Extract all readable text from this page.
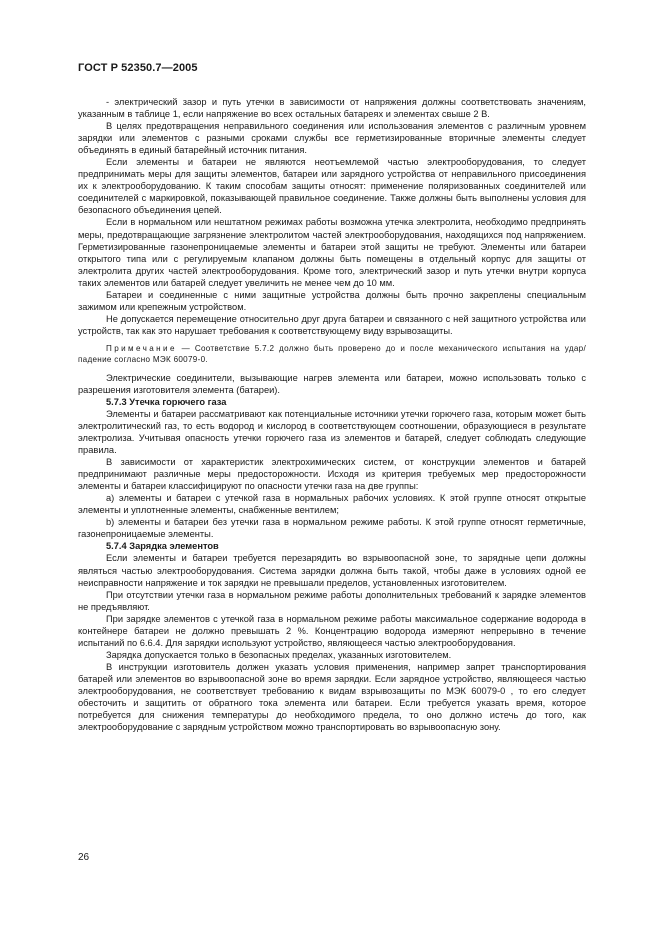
ГОСТ Р 52350.7—2005

- электрический зазор и путь утечки в зависимости от напряжения должны соответствовать значениям, указанным в таблице 1, если напряжение во всех остальных батареях и элементах свыше 2 В.

В целях предотвращения неправильного соединения или использования элементов с различным уровнем зарядки или элементов с разными сроками службы все герметизированные вторичные элементы следует объединять в единый батарейный источник питания.

Если элементы и батареи не являются неотъемлемой частью электрооборудования, то следует предпринимать меры для защиты элементов, батареи или зарядного устройства от неправильного присоединения их к электрооборудованию. К таким способам защиты относят: применение поляризованных соединителей или соединителей с маркировкой, показывающей правильное соединение. Также должны быть выполнены условия для безопасного объединения цепей.

Если в нормальном или нештатном режимах работы возможна утечка электролита, необходимо предпринять меры, предотвращающие загрязнение электролитом частей электрооборудования, находящихся под напряжением. Герметизированные газонепроницаемые элементы и батареи этой защиты не требуют. Элементы или батареи открытого типа или с регулируемым клапаном должны быть помещены в отдельный корпус для защиты от электролита других частей электрооборудования. Кроме того, электрический зазор и путь утечки внутри корпуса таких элементов или батарей следует увеличить не менее чем до 10 мм.

Батареи и соединенные с ними защитные устройства должны быть прочно закреплены специальным зажимом или крепежным устройством.

Не допускается перемещение относительно друг друга батареи и связанного с ней защитного устройства или устройств, так как это нарушает требования к соответствующему виду взрывозащиты.

Примечание — Соответствие 5.7.2 должно быть проверено до и после механического испытания на удар/падение согласно МЭК 60079-0.

Электрические соединители, вызывающие нагрев элемента или батареи, можно использовать только с разрешения изготовителя элемента (батареи).

5.7.3 Утечка горючего газа

Элементы и батареи рассматривают как потенциальные источники утечки горючего газа, которым может быть электролитический газ, то есть водород и кислород в соответствующем соотношении, образующиеся в результате электролиза. Учитывая опасность утечки горючего газа из элементов и батарей, следует соблюдать следующие правила.

В зависимости от характеристик электрохимических систем, от конструкции элементов и батарей предпринимают различные меры предосторожности. Исходя из критерия требуемых мер предосторожности элементы и батареи классифицируют по опасности утечки газа на две группы:

а) элементы и батареи с утечкой газа в нормальных рабочих условиях. К этой группе относят открытые элементы и уплотненные элементы, снабженные вентилем;

b) элементы и батареи без утечки газа в нормальном режиме работы. К этой группе относят герметичные, газонепроницаемые элементы.

5.7.4 Зарядка элементов

Если элементы и батареи требуется перезарядить во взрывоопасной зоне, то зарядные цепи должны являться частью электрооборудования. Система зарядки должна быть такой, чтобы даже в условиях одной ее неисправности напряжение и ток зарядки не превышали пределов, установленных изготовителем.

При отсутствии утечки газа в нормальном режиме работы дополнительных требований к зарядке элементов не предъявляют.

При зарядке элементов с утечкой газа в нормальном режиме работы максимальное содержание водорода в контейнере батареи не должно превышать 2 %. Концентрацию водорода измеряют непрерывно в течение испытаний по 6.6.4. Для зарядки используют устройство, являющееся частью электрооборудования.

Зарядка допускается только в безопасных пределах, указанных изготовителем.

В инструкции изготовитель должен указать условия применения, например запрет транспортирования батарей или элементов во взрывоопасной зоне во время зарядки. Если зарядное устройство, являющееся частью электрооборудования, не соответствует требованию к видам взрывозащиты по МЭК 60079-0 , то его следует обесточить и защитить от обратного тока элемента или батареи. Если требуется указать время, которое потребуется для снижения температуры до необходимого предела, то оно должно истечь до того, как электрооборудование с зарядным устройством можно транспортировать во взрывоопасную зону.

26
